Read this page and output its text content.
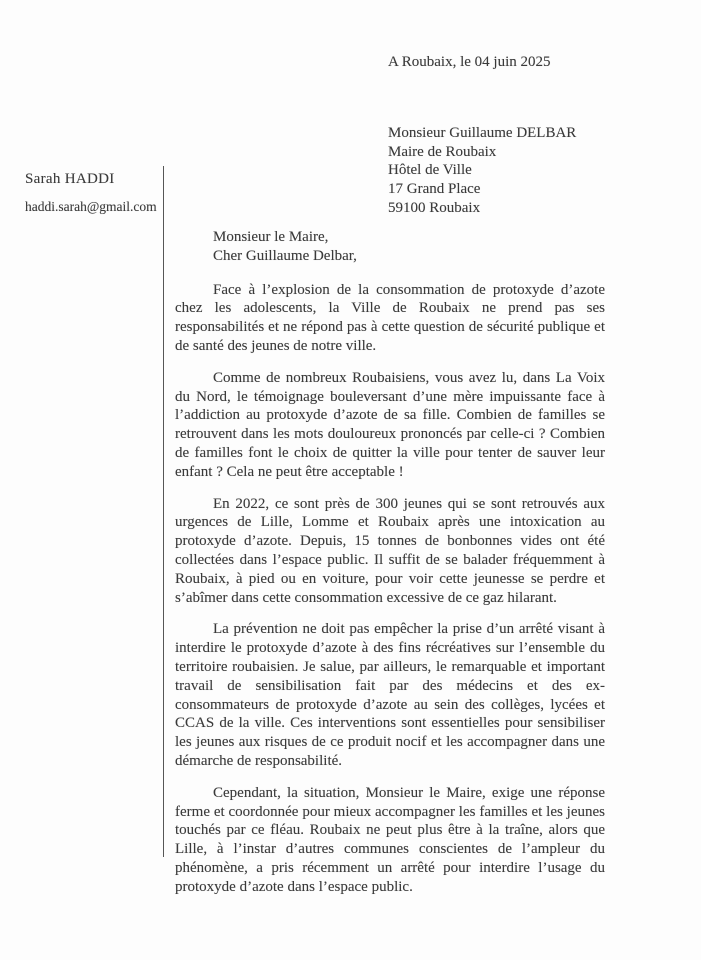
A Roubaix, le 04 juin 2025
Sarah HADDI
haddi.sarah@gmail.com
Monsieur Guillaume DELBAR
Maire de Roubaix
Hôtel de Ville
17 Grand Place
59100 Roubaix

Monsieur le Maire,

Cher Guillaume Delbar,

Face à l’explosion de la consommation de protoxyde d’azote chez les adolescents, la Ville de Roubaix ne prend pas ses responsabilités et ne répond pas à cette question de sécurité publique et de santé des jeunes de notre ville.

Comme de nombreux Roubaisiens, vous avez lu, dans La Voix du Nord, le témoignage bouleversant d’une mère impuissante face à l’addiction au protoxyde d’azote de sa fille. Combien de familles se retrouvent dans les mots douloureux prononcés par celle-ci ? Combien de familles font le choix de quitter la ville pour tenter de sauver leur enfant ? Cela ne peut être acceptable !

En 2022, ce sont près de 300 jeunes qui se sont retrouvés aux urgences de Lille, Lomme et Roubaix après une intoxication au protoxyde d’azote. Depuis, 15 tonnes de bonbonnes vides ont été collectées dans l’espace public. Il suffit de se balader fréquemment à Roubaix, à pied ou en voiture, pour voir cette jeunesse se perdre et s’abîmer dans cette consommation excessive de ce gaz hilarant.

La prévention ne doit pas empêcher la prise d’un arrêté visant à interdire le protoxyde d’azote à des fins récréatives sur l’ensemble du territoire roubaisien. Je salue, par ailleurs, le remarquable et important travail de sensibilisation fait par des médecins et des ex-consommateurs de protoxyde d’azote au sein des collèges, lycées et CCAS de la ville. Ces interventions sont essentielles pour sensibiliser les jeunes aux risques de ce produit nocif et les accompagner dans une démarche de responsabilité.

Cependant, la situation, Monsieur le Maire, exige une réponse ferme et coordonnée pour mieux accompagner les familles et les jeunes touchés par ce fléau. Roubaix ne peut plus être à la traîne, alors que Lille, à l’instar d’autres communes conscientes de l’ampleur du phénomène, a pris récemment un arrêté pour interdire l’usage du protoxyde d’azote dans l’espace public.
